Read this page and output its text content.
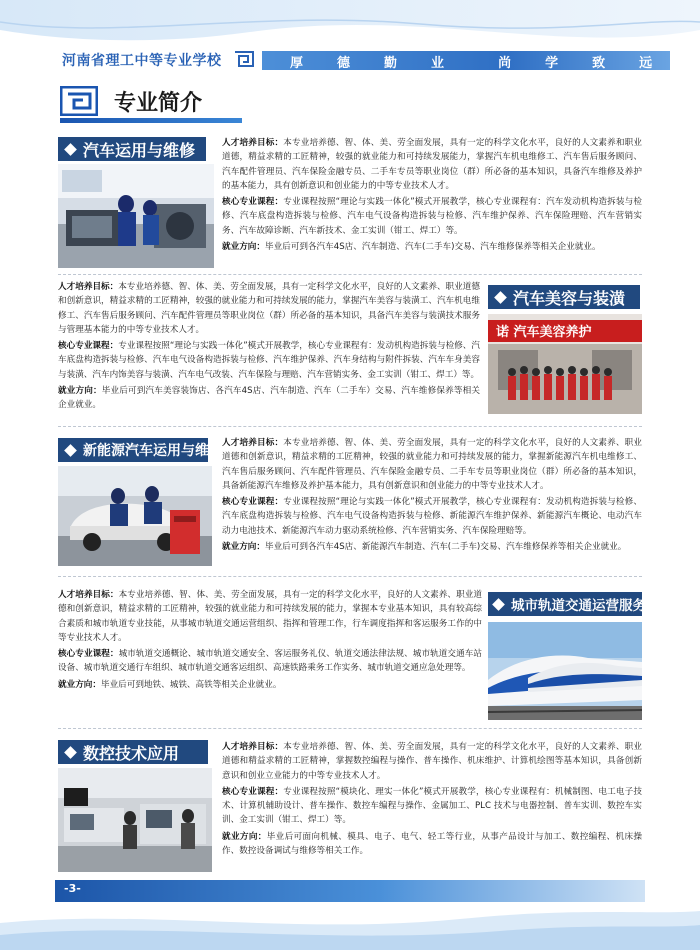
河南省理工中等专业学校	厚 德 勤 业	尚 学 致 远
专业简介
汽车运用与维修	人才培养目标：本专业培养德、智、体、美、劳全面发展，具有一定的科学文化水平，良好的人文素养和职业道德，精益求精的工匠精神，较强的就业能力和可持续发展能力，掌握汽车机电维修工、汽车售后服务顾问、汽车配件管理员、汽车保险金融专员、二手车专员等职业岗位（群）所必备的基本知识，具备汽车维修及养护的基本能力，具有创新意识和创业能力的中等专业技术人才。

核心专业课程：专业课程按照“理论与实践一体化”模式开展教学，核心专业课程有：汽车发动机构造拆装与检修、汽车底盘构造拆装与检修、汽车电气设备构造拆装与检修、汽车维护保养、汽车保险理赔、汽车营销实务、汽车故障诊断、汽车新技术、金工实训（钳工、焊工）等。

就业方向：毕业后可到各汽车4S店、汽车制造、汽车(二手车)交易、汽车维修保养等相关企业就业。

人才培养目标：本专业培养德、智、体、美、劳全面发展，具有一定科学文化水平，良好的人文素养、职业道德和创新意识，精益求精的工匠精神，较强的就业能力和可持续发展的能力，掌握汽车美容与装潢工、汽车机电维修工、汽车售后服务顾问、汽车配件管理员等职业岗位（群）所必备的基本知识，具备汽车美容与装潢技术服务与管理基本能力的中等专业技术人才。

核心专业课程：专业课程按照“理论与实践一体化”模式开展教学，核心专业课程有：发动机构造拆装与检修、汽车底盘构造拆装与检修、汽车电气设备构造拆装与检修、汽车维护保养、汽车身结构与附件拆装、汽车车身美容与装潢、汽车内饰美容与装潢、汽车电气改装、汽车保险与理赔、汽车营销实务、金工实训（钳工、焊工）等。

就业方向：毕业后可到汽车美容装饰店、各汽车4S店、汽车制造、汽车（二手车）交易、汽车维修保养等相关企业就业。

汽车美容与装潢
诺 汽车美容养护
新能源汽车运用与维修 人才培养目标：本专业培养德、智、体、美、劳全面发展，具有一定的科学文化水平，良好的人文素养、职业道德和创新意识，精益求精的工匠精神，较强的就业能力和可持续发展的能力，掌握新能源汽车机电维修工、汽车售后服务顾问、汽车配件管理员、汽车保险金融专员、二手车专员等职业岗位（群）所必备的基本知识，具备新能源汽车维修及养护基本能力，具有创新意识和创业能力的中等专业技术人才。

核心专业课程：专业课程按照“理论与实践一体化”模式开展教学，核心专业课程有：发动机构造拆装与检修、汽车底盘构造拆装与检修、汽车电气设备构造拆装与检修、新能源汽车维护保养、新能源汽车概论、电动汽车动力电池技术、新能源汽车动力驱动系统检修、汽车营销实务、汽车保险理赔等。

就业方向：毕业后可到各汽车4S店、新能源汽车制造、汽车(二手车)交易、汽车维修保养等相关企业就业。

人才培养目标：本专业培养德、智、体、美、劳全面发展，具有一定的科学文化水平，良好的人文素养、职业道德和创新意识，精益求精的工匠精神，较强的就业能力和可持续发展的能力，掌握本专业基本知识，具有较高综合素质和城市轨道专业技能，从事城市轨道交通运营组织、指挥和管理工作，行车调度指挥和客运服务工作的中等专业技术人才。

核心专业课程：城市轨道交通概论、城市轨道交通安全、客运服务礼仪、轨道交通法律法规、城市轨道交通车站设备、城市轨道交通行车组织、城市轨道交通客运组织、高速铁路乘务工作实务、城市轨道交通应急处理等。

就业方向：毕业后可到地铁、城铁、高铁等相关企业就业。

城市轨道交通运营服务
数控技术应用	人才培养目标：本专业培养德、智、体、美、劳全面发展，具有一定的科学文化水平，良好的人文素养、职业道德和精益求精的工匠精神，掌握数控编程与操作、普车操作、机床维护、计算机绘图等基本知识，具备创新意识和创业立业能力的中等专业技术人才。

核心专业课程：专业课程按照“模块化、理实一体化”模式开展教学，核心专业课程有：机械制图、电工电子技术、计算机辅助设计、普车操作、数控车编程与操作、金属加工、PLC 技术与电器控制、普车实训、数控车实训、金工实训（钳工、焊工）等。

就业方向：毕业后可面向机械、模具、电子、电气、轻工等行业，从事产品设计与加工、数控编程、机床操作、数控设备调试与维修等相关工作。

-3-
